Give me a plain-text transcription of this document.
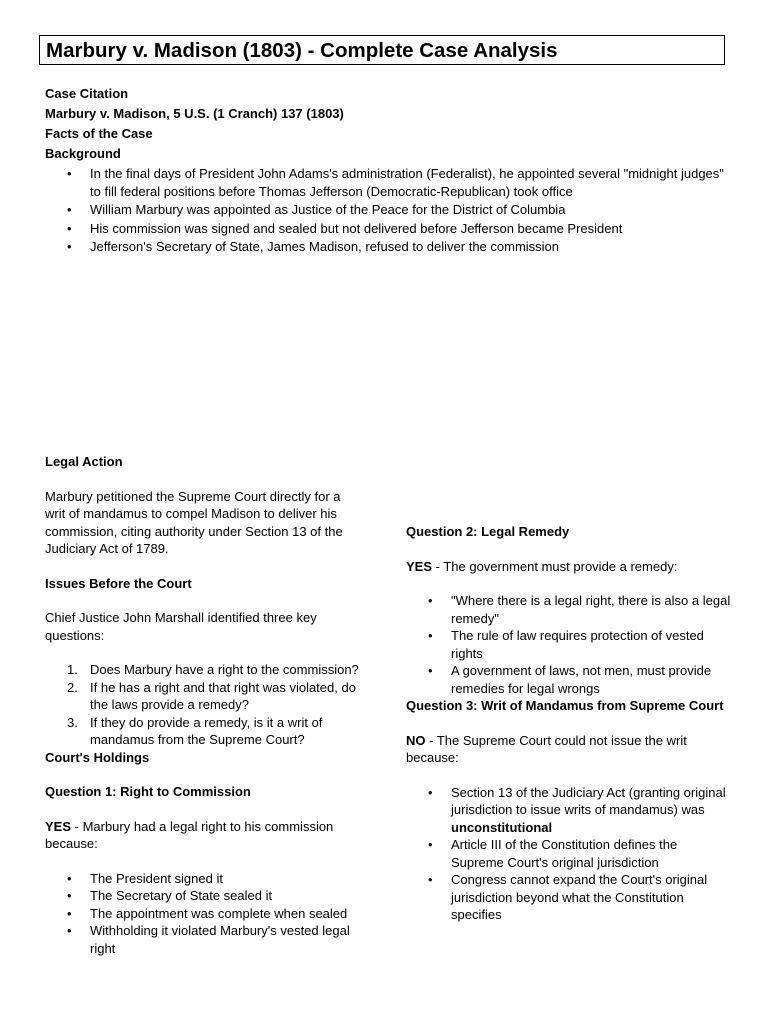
Marbury v. Madison (1803) - Complete Case Analysis
Case Citation
Marbury v. Madison, 5 U.S. (1 Cranch) 137 (1803)
Facts of the Case
Background
• In the final days of President John Adams's administration (Federalist), he appointed several "midnight judges" to fill federal positions before Thomas Jefferson (Democratic-Republican) took office
• William Marbury was appointed as Justice of the Peace for the District of Columbia
• His commission was signed and sealed but not delivered before Jefferson became President
• Jefferson's Secretary of State, James Madison, refused to deliver the commission

Legal Action

Marbury petitioned the Supreme Court directly for a writ of mandamus to compel Madison to deliver his commission, citing authority under Section 13 of the Judiciary Act of 1789.

Issues Before the Court

Chief Justice John Marshall identified three key questions:

1. Does Marbury have a right to the commission?
2. If he has a right and that right was violated, do the laws provide a remedy?
3. If they do provide a remedy, is it a writ of mandamus from the Supreme Court?

Court's Holdings

Question 1: Right to Commission

YES - Marbury had a legal right to his commission because:

• The President signed it
• The Secretary of State sealed it
• The appointment was complete when sealed
• Withholding it violated Marbury's vested legal right

Question 2: Legal Remedy

YES - The government must provide a remedy:

• "Where there is a legal right, there is also a legal remedy"
• The rule of law requires protection of vested rights
• A government of laws, not men, must provide remedies for legal wrongs

Question 3: Writ of Mandamus from Supreme Court

NO - The Supreme Court could not issue the writ because:

• Section 13 of the Judiciary Act (granting original jurisdiction to issue writs of mandamus) was unconstitutional
• Article III of the Constitution defines the Supreme Court's original jurisdiction
• Congress cannot expand the Court's original jurisdiction beyond what the Constitution specifies
